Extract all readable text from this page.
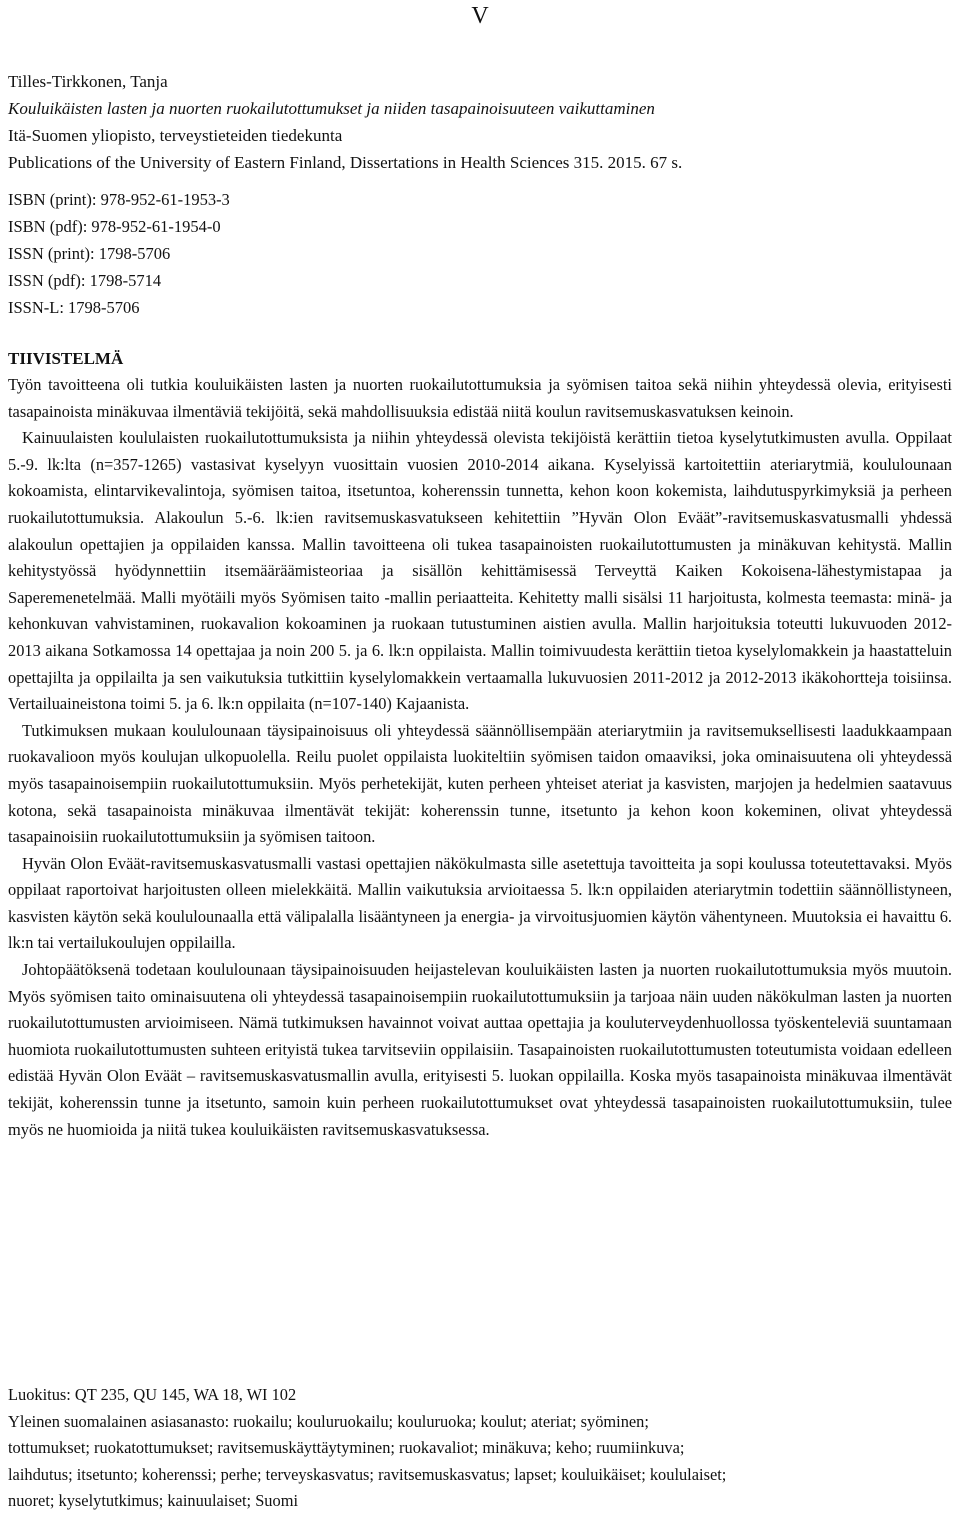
V
Tilles-Tirkkonen, Tanja
Kouluikäisten lasten ja nuorten ruokailutottumukset ja niiden tasapainoisuuteen vaikuttaminen
Itä-Suomen yliopisto, terveystieteiden tiedekunta
Publications of the University of Eastern Finland, Dissertations in Health Sciences 315. 2015. 67 s.
ISBN (print): 978-952-61-1953-3
ISBN (pdf): 978-952-61-1954-0
ISSN (print): 1798-5706
ISSN (pdf): 1798-5714
ISSN-L: 1798-5706
TIIVISTELMÄ

Työn tavoitteena oli tutkia kouluikäisten lasten ja nuorten ruokailutottumuksia ja syömisen taitoa sekä niihin yhteydessä olevia, erityisesti tasapainoista minäkuvaa ilmentäviä tekijöitä, sekä mahdollisuuksia edistää niitä koulun ravitsemuskasvatuksen keinoin.

Kainuulaisten koululaisten ruokailutottumuksista ja niihin yhteydessä olevista tekijöistä kerättiin tietoa kyselytutkimusten avulla. Oppilaat 5.-9. lk:lta (n=357-1265) vastasivat kyselyyn vuosittain vuosien 2010-2014 aikana. Kyselyissä kartoitettiin ateriarytmiä, koululounaan kokoamista, elintarvikevalintoja, syömisen taitoa, itsetuntoa, koherenssin tunnetta, kehon koon kokemista, laihdutuspyrkimyksiä ja perheen ruokailutottumuksia. Alakoulun 5.-6. lk:ien ravitsemuskasvatukseen kehitettiin ”Hyvän Olon Eväät”-ravitsemuskasvatusmalli yhdessä alakoulun opettajien ja oppilaiden kanssa. Mallin tavoitteena oli tukea tasapainoisten ruokailutottumusten ja minäkuvan kehitystä. Mallin kehitystyössä hyödynnettiin itsemääräämisteoriaa ja sisällön kehittämisessä Terveyttä Kaiken Kokoisena-lähestymistapaa ja Saperemenetelmää. Malli myötäili myös Syömisen taito -mallin periaatteita. Kehitetty malli sisälsi 11 harjoitusta, kolmesta teemasta: minä- ja kehonkuvan vahvistaminen, ruokavalion kokoaminen ja ruokaan tutustuminen aistien avulla. Mallin harjoituksia toteutti lukuvuoden 2012-2013 aikana Sotkamossa 14 opettajaa ja noin 200 5. ja 6. lk:n oppilaista. Mallin toimivuudesta kerättiin tietoa kyselylomakkein ja haastatteluin opettajilta ja oppilailta ja sen vaikutuksia tutkittiin kyselylomakkein vertaamalla lukuvuosien 2011-2012 ja 2012-2013 ikäkohortteja toisiinsa. Vertailuaineistona toimi 5. ja 6. lk:n oppilaita (n=107-140) Kajaanista.

Tutkimuksen mukaan koululounaan täysipainoisuus oli yhteydessä säännöllisempään ateriarytmiin ja ravitsemuksellisesti laadukkaampaan ruokavalioon myös koulujan ulkopuolella. Reilu puolet oppilaista luokiteltiin syömisen taidon omaaviksi, joka ominaisuutena oli yhteydessä myös tasapainoisempiin ruokailutottumuksiin. Myös perhetekijät, kuten perheen yhteiset ateriat ja kasvisten, marjojen ja hedelmien saatavuus kotona, sekä tasapainoista minäkuvaa ilmentävät tekijät: koherenssin tunne, itsetunto ja kehon koon kokeminen, olivat yhteydessä tasapainoisiin ruokailutottumuksiin ja syömisen taitoon.

Hyvän Olon Eväät-ravitsemuskasvatusmalli vastasi opettajien näkökulmasta sille asetettuja tavoitteita ja sopi koulussa toteutettavaksi. Myös oppilaat raportoivat harjoitusten olleen mielekkäitä. Mallin vaikutuksia arvioitaessa 5. lk:n oppilaiden ateriarytmin todettiin säännöllistyneen, kasvisten käytön sekä koululounaalla että välipalalla lisääntyneen ja energia- ja virvoitusjuomien käytön vähentyneen. Muutoksia ei havaittu 6. lk:n tai vertailukoulujen oppilailla.

Johtopäätöksenä todetaan koululounaan täysipainoisuuden heijastelevan kouluikäisten lasten ja nuorten ruokailutottumuksia myös muutoin. Myös syömisen taito ominaisuutena oli yhteydessä tasapainoisempiin ruokailutottumuksiin ja tarjoaa näin uuden näkökulman lasten ja nuorten ruokailutottumusten arvioimiseen. Nämä tutkimuksen havainnot voivat auttaa opettajia ja kouluterveydenhuollossa työskenteleviä suuntamaan huomiota ruokailutottumusten suhteen erityistä tukea tarvitseviin oppilaisiin. Tasapainoisten ruokailutottumusten toteutumista voidaan edelleen edistää Hyvän Olon Eväät – ravitsemuskasvatusmallin avulla, erityisesti 5. luokan oppilailla. Koska myös tasapainoista minäkuvaa ilmentävät tekijät, koherenssin tunne ja itsetunto, samoin kuin perheen ruokailutottumukset ovat yhteydessä tasapainoisten ruokailutottumuksiin, tulee myös ne huomioida ja niitä tukea kouluikäisten ravitsemuskasvatuksessa.

Luokitus: QT 235, QU 145, WA 18, WI 102
Yleinen suomalainen asiasanasto: ruokailu; kouluruokailu; kouluruoka; koulut; ateriat; syöminen;
tottumukset; ruokatottumukset; ravitsemuskäyttäytyminen; ruokavaliot; minäkuva; keho; ruumiinkuva;
laihdutus; itsetunto; koherenssi; perhe; terveyskasvatus; ravitsemuskasvatus; lapset; kouluikäiset; koululaiset;
nuoret; kyselytutkimus; kainuulaiset; Suomi
